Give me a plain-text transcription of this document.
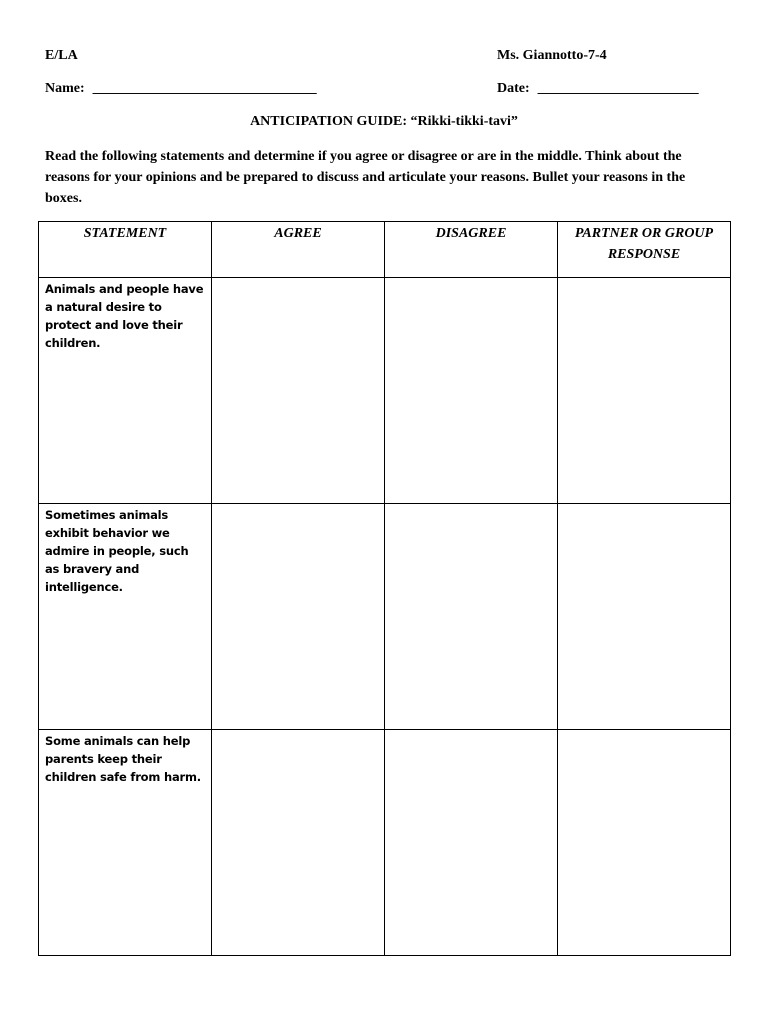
E/LA	Ms. Giannotto-7-4
Name: ________________________________	Date: _______________________
ANTICIPATION GUIDE: “Rikki-tikki-tavi”
Read the following statements and determine if you agree or disagree or are in the middle. Think about the reasons for your opinions and be prepared to discuss and articulate your reasons. Bullet your reasons in the boxes.
STATEMENT	AGREE	DISAGREE	PARTNER OR GROUP RESPONSE

Animals and people have a natural desire to protect and love their children.			

Sometimes animals exhibit behavior we admire in people, such as bravery and intelligence.			

Some animals can help parents keep their children safe from harm.			
